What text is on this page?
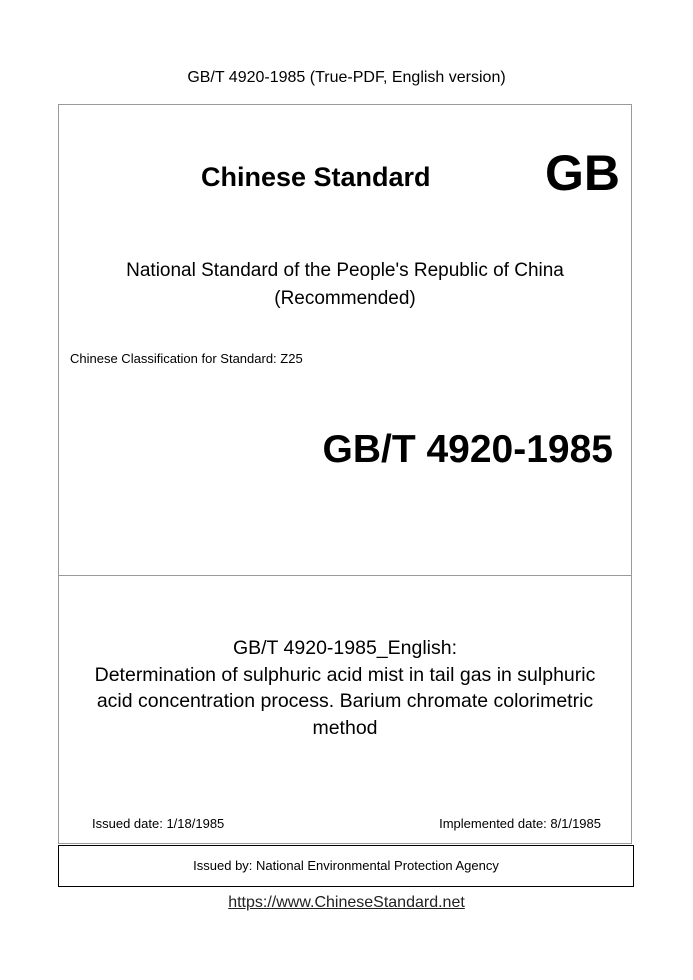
GB/T 4920-1985 (True-PDF, English version)
Chinese Standard GB
National Standard of the People's Republic of China
(Recommended)
Chinese Classification for Standard: Z25
GB/T 4920-1985
GB/T 4920-1985_English:
Determination of sulphuric acid mist in tail gas in sulphuric
acid concentration process. Barium chromate colorimetric
method
Issued date: 1/18/1985	Implemented date: 8/1/1985
Issued by: National Environmental Protection Agency
https://www.ChineseStandard.net
